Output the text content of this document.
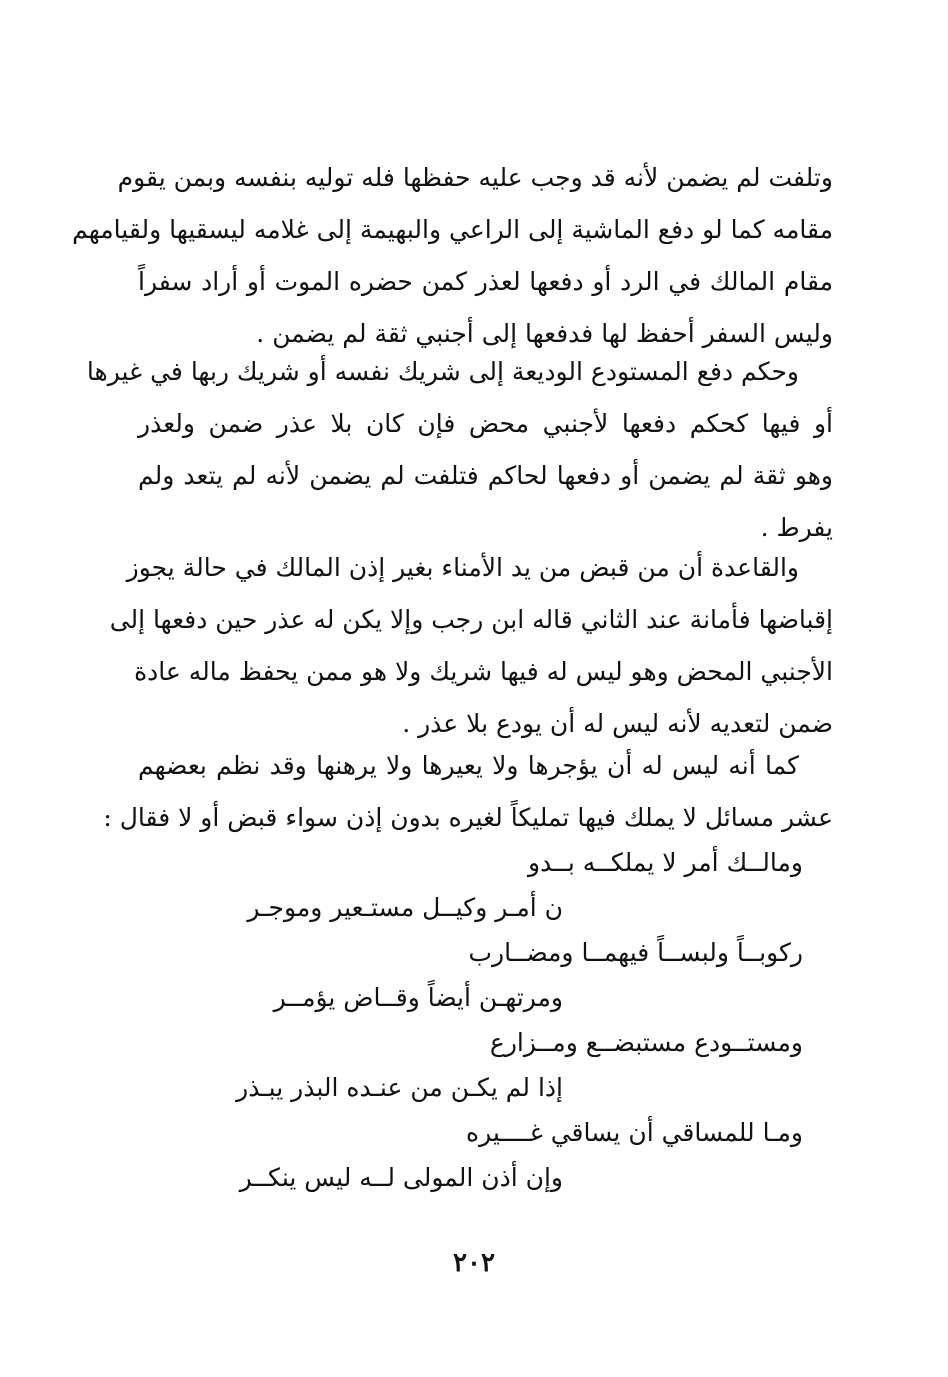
وتلفت لم يضمن لأنه قد وجب عليه حفظها فله توليه بنفسه وبمن يقوم
مقامه كما لو دفع الماشية إلى الراعي والبهيمة إلى غلامه ليسقيها ولقيامهم
مقام المالك في الرد أو دفعها لعذر كمن حضره الموت أو أراد سفراً
وليس السفر أحفظ لها فدفعها إلى أجنبي ثقة لم يضمن .
وحكم دفع المستودع الوديعة إلى شريك نفسه أو شريك ربها في غيرها
أو فيها كحكم دفعها لأجنبي محض فإن كان بلا عذر ضمن ولعذر
وهو ثقة لم يضمن أو دفعها لحاكم فتلفت لم يضمن لأنه لم يتعد ولم
يفرط .
والقاعدة أن من قبض من يد الأمناء بغير إذن المالك في حالة يجوز
إقباضها فأمانة عند الثاني قاله ابن رجب وإلا يكن له عذر حين دفعها إلى
الأجنبي المحض وهو ليس له فيها شريك ولا هو ممن يحفظ ماله عادة
ضمن لتعديه لأنه ليس له أن يودع بلا عذر .
كما أنه ليس له أن يؤجرها ولا يعيرها ولا يرهنها وقد نظم بعضهم
عشر مسائل لا يملك فيها تمليكاً لغيره بدون إذن سواء قبض أو لا فقال :
ومالــك أمر لا يملكــه بــدو
ن أمـر وكيــل مستـعير وموجـر
ركوبــاً ولبســاً فيهمــا ومضــارب
ومرتهـن أيضاً وقــاض يؤمــر
ومستــودع مستبضــع ومــزارع
إذا لم يكـن من عنـده البذر يبـذر
ومـا للمساقي أن يساقي غــــيره
وإن أذن المولى لــه ليس ينكــر
٢٠٢
